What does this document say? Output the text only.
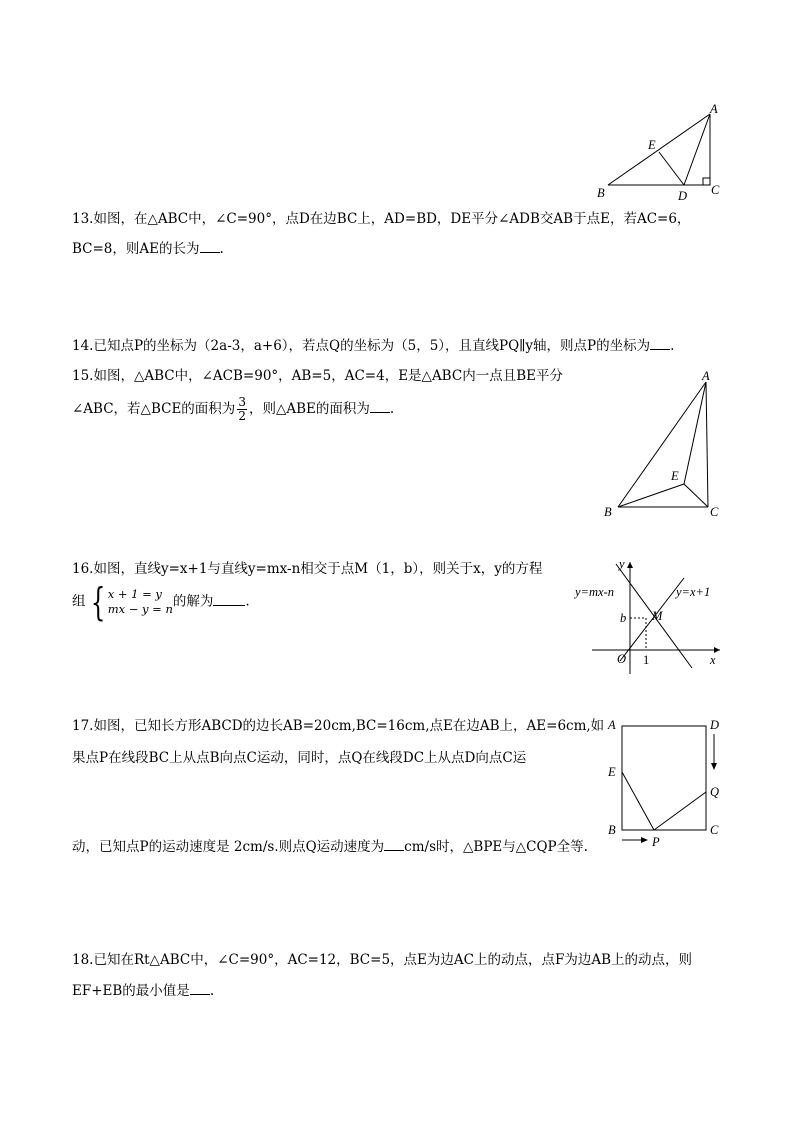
A
B	C
D
E
13.如图，在△ABC中，∠C=90°，点D在边BC上，AD=BD，DE平分∠ADB交AB于点E，若AC=6，
BC=8，则AE的长为 .
14.已知点P的坐标为（2a-3，a+6），若点Q的坐标为（5，5），且直线PQ∥y轴，则点P的坐标为 .
15.如图，△ABC中，∠ACB=90°，AB=5，AC=4，E是△ABC内一点且BE平分
∠ABC，若△BCE的面积为 $\frac{3}{2}$ ，则△ABE的面积为 .
A
B	C
E
16.如图，直线y=x+1与直线y=mx-n相交于点M（1，b），则关于x，y的方程
组 { x + 1 = y
mx − y = n 的解为 .
y
x
O
b M
1
y=mx-n	y=x+1
17.如图，已知长方形ABCD的边长AB=20cm,BC=16cm,点E在边AB上，AE=6cm,如
果点P在线段BC上从点B向点C运动，同时，点Q在线段DC上从点D向点C运
动，已知点P的运动速度是 2cm/s.则点Q运动速度为 cm/s时，△BPE与△CQP全等.
A	D
E
Q
B	C
P
18.已知在Rt△ABC中，∠C=90°，AC=12，BC=5，点E为边AC上的动点，点F为边AB上的动点，则
EF+EB的最小值是 .
